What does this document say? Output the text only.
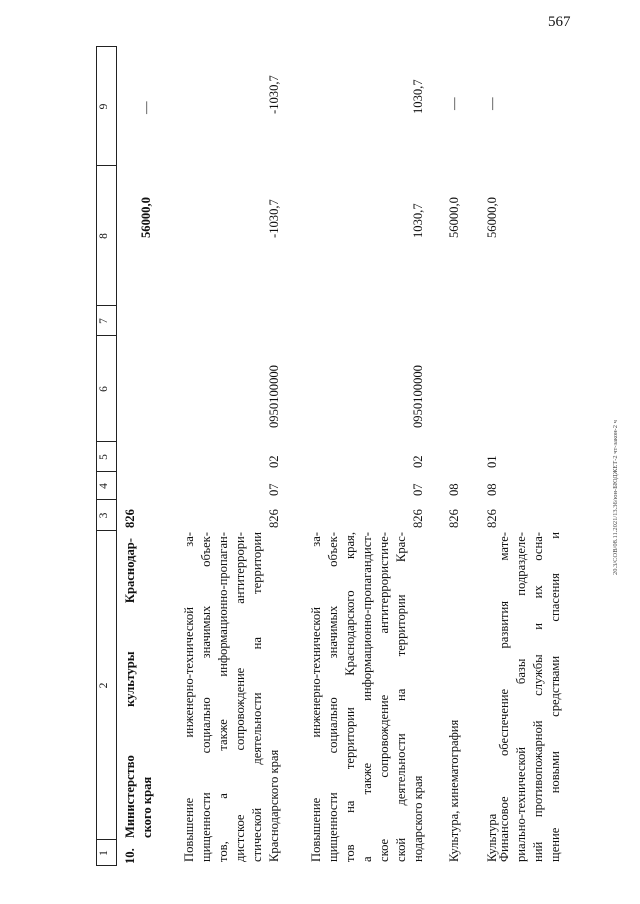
567
20.3/СОВ/08.11.2021/13.36/юн-БЮДЖЕТ-2 чт-закон-2 ч
1
2
3
4
5
6
7
8
9
10.
Министерство культуры Краснодар- ского края
826
56000,0
—
Повышение инженерно-технической за- щищенности социально значимых объек- тов, а также информационно-пропаган- дистское сопровождение антитеррори- стической деятельности на территории Краснодарского края
826
07
02
0950100000
-1030,7
-1030,7
Повышение инженерно-технической за- щищенности социально значимых объек- тов на территории Краснодарского края, а также информационно-пропагандист- ское сопровождение антитеррористиче- ской деятельности на территории Крас- нодарского края
826
07
02
0950100000
1030,7
1030,7
Культура, кинематография
826
08
56000,0
—
Культура
826
08
01
56000,0
—
Финансовое обеспечение развития мате- риально-технической базы подразделе- ний противопожарной службы и их осна- щение новыми средствами спасения и
